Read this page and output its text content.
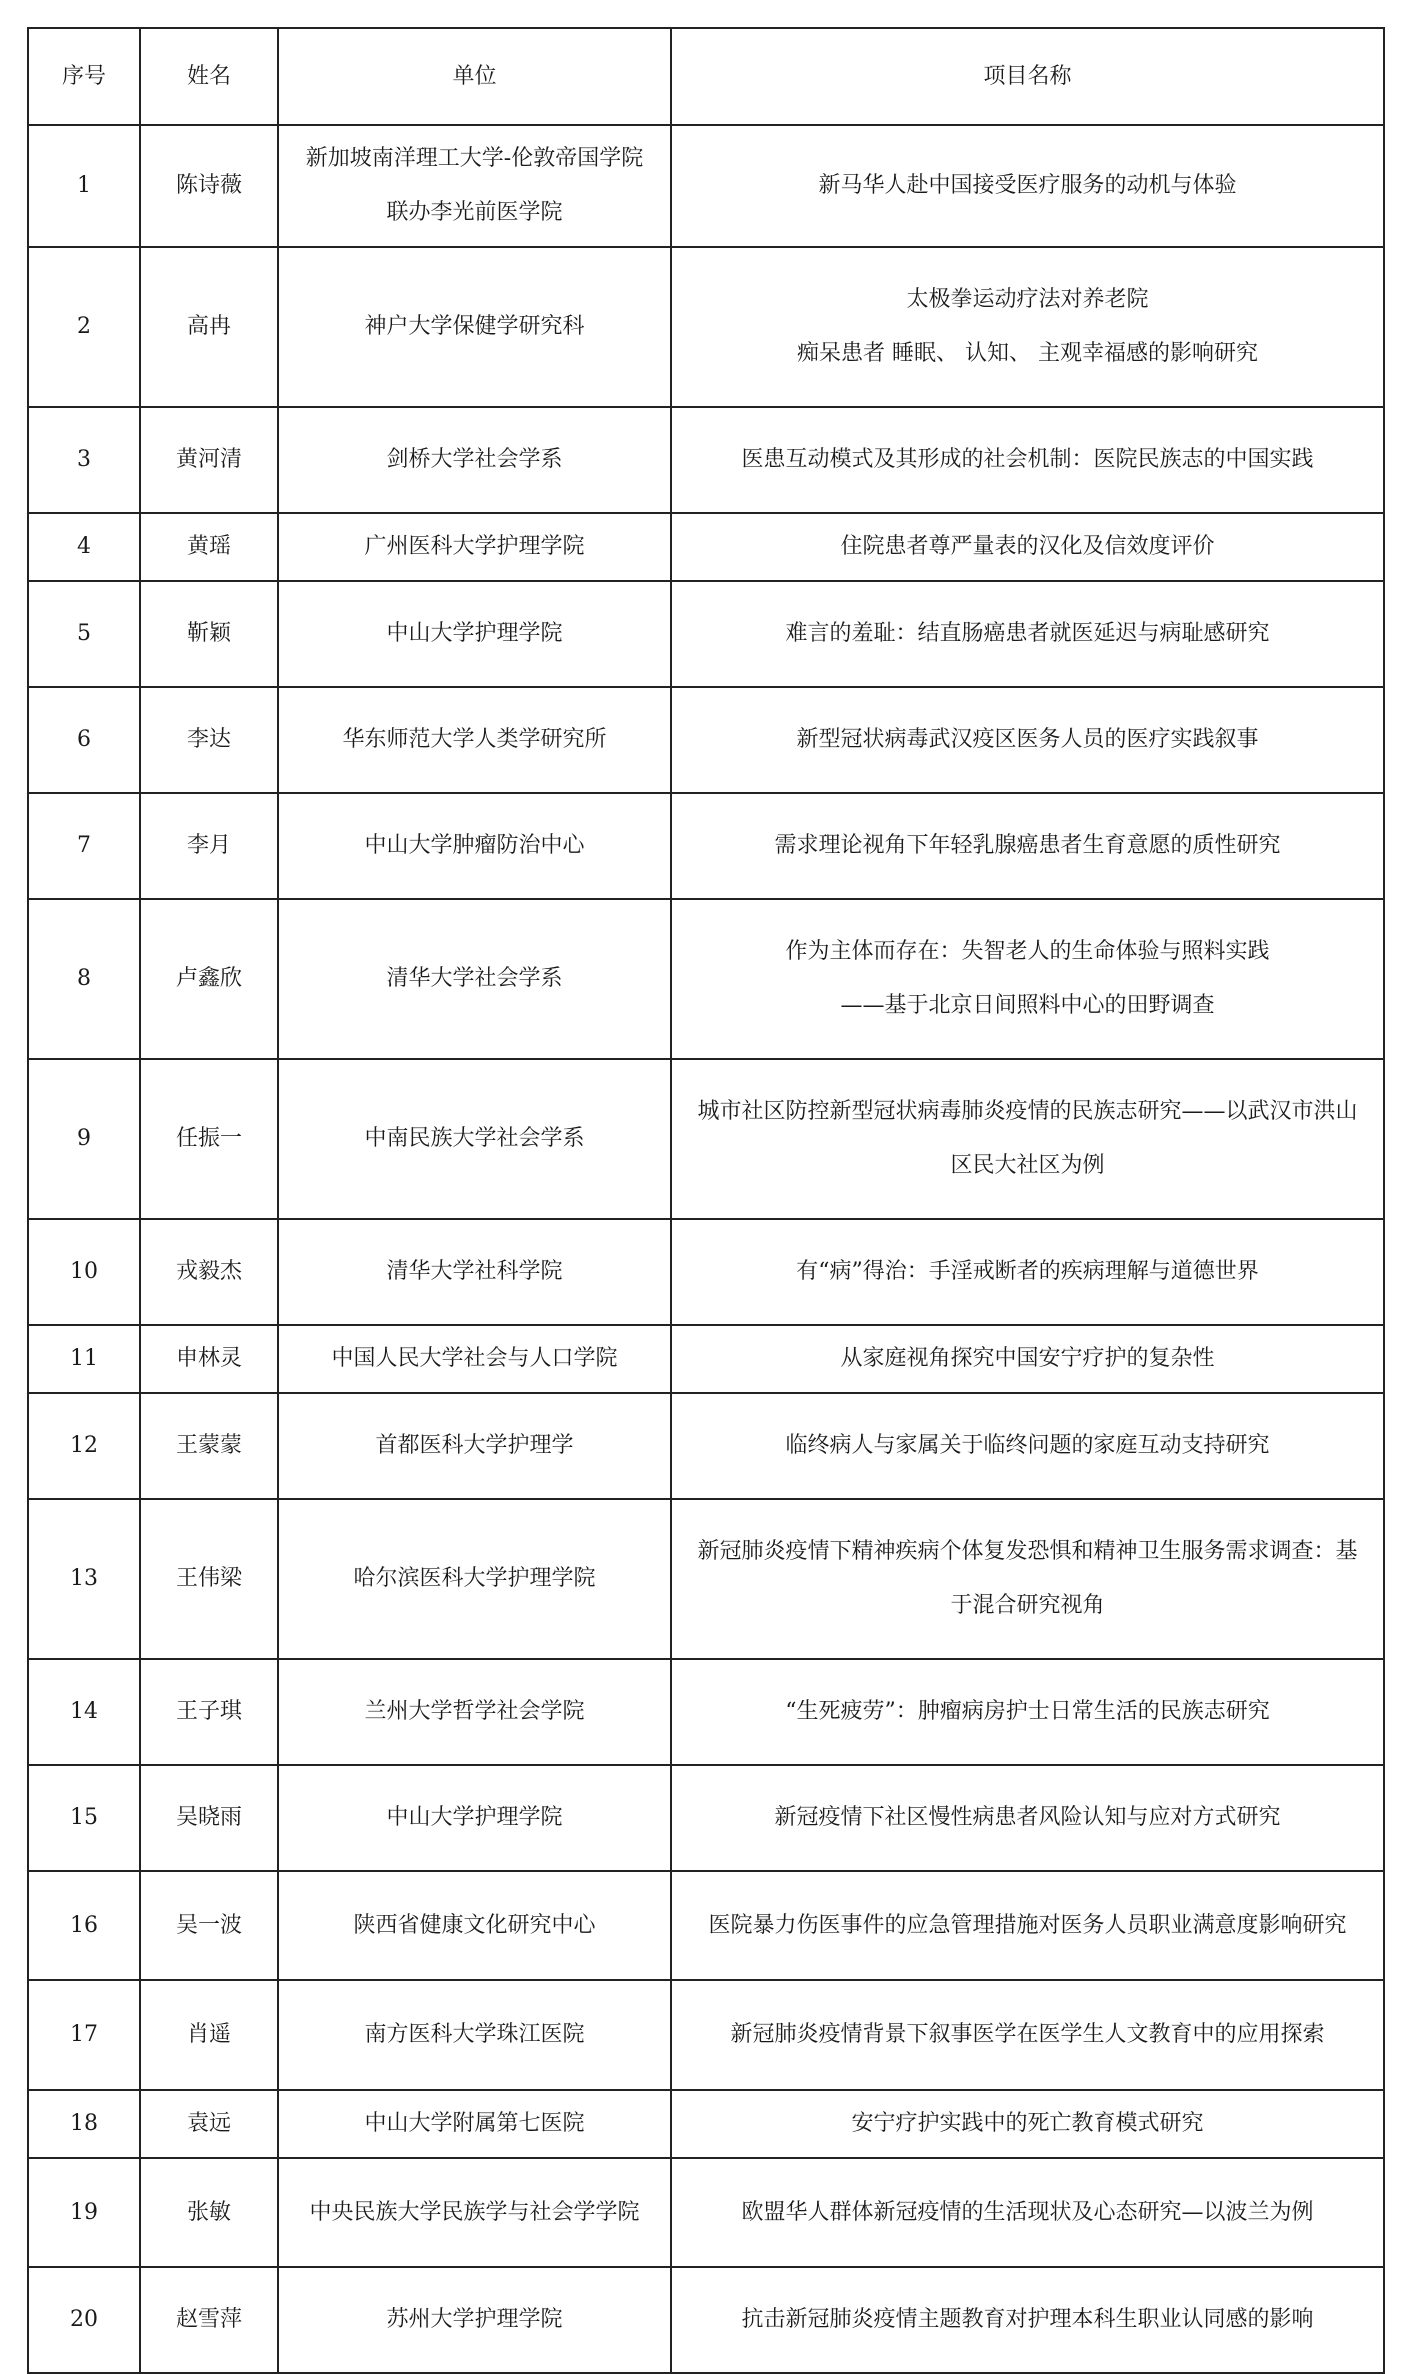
序号	姓名	单位	项目名称
1	陈诗薇	新加坡南洋理工大学-伦敦帝国学院联办李光前医学院	新马华人赴中国接受医疗服务的动机与体验
2	高冉	神户大学保健学研究科	太极拳运动疗法对养老院
痴呆患者 睡眠、 认知、 主观幸福感的影响研究
3	黄河清	剑桥大学社会学系	医患互动模式及其形成的社会机制：医院民族志的中国实践
4	黄瑶	广州医科大学护理学院	住院患者尊严量表的汉化及信效度评价
5	靳颖	中山大学护理学院	难言的羞耻：结直肠癌患者就医延迟与病耻感研究
6	李达	华东师范大学人类学研究所	新型冠状病毒武汉疫区医务人员的医疗实践叙事
7	李月	中山大学肿瘤防治中心	需求理论视角下年轻乳腺癌患者生育意愿的质性研究
8	卢鑫欣	清华大学社会学系	作为主体而存在：失智老人的生命体验与照料实践
——基于北京日间照料中心的田野调查
9	任振一	中南民族大学社会学系	城市社区防控新型冠状病毒肺炎疫情的民族志研究——以武汉市洪山区民大社区为例
10	戎毅杰	清华大学社科学院	有“病”得治：手淫戒断者的疾病理解与道德世界
11	申林灵	中国人民大学社会与人口学院	从家庭视角探究中国安宁疗护的复杂性
12	王蒙蒙	首都医科大学护理学	临终病人与家属关于临终问题的家庭互动支持研究
13	王伟梁	哈尔滨医科大学护理学院	新冠肺炎疫情下精神疾病个体复发恐惧和精神卫生服务需求调查：基于混合研究视角
14	王子琪	兰州大学哲学社会学院	“生死疲劳”：肿瘤病房护士日常生活的民族志研究
15	吴晓雨	中山大学护理学院	新冠疫情下社区慢性病患者风险认知与应对方式研究
16	吴一波	陕西省健康文化研究中心	医院暴力伤医事件的应急管理措施对医务人员职业满意度影响研究
17	肖遥	南方医科大学珠江医院	新冠肺炎疫情背景下叙事医学在医学生人文教育中的应用探索
18	袁远	中山大学附属第七医院	安宁疗护实践中的死亡教育模式研究
19	张敏	中央民族大学民族学与社会学学院	欧盟华人群体新冠疫情的生活现状及心态研究—以波兰为例
20	赵雪萍	苏州大学护理学院	抗击新冠肺炎疫情主题教育对护理本科生职业认同感的影响
